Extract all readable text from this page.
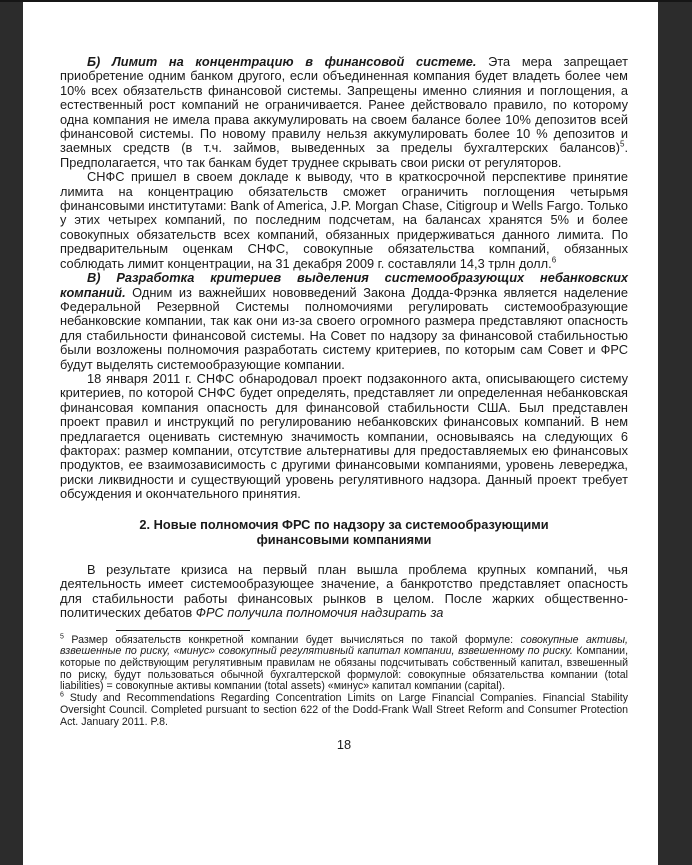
Б) Лимит на концентрацию в финансовой системе. Эта мера запрещает приобретение одним банком другого, если объединенная компания будет владеть более чем 10% всех обязательств финансовой системы. Запрещены именно слияния и поглощения, а естественный рост компаний не ограничивается. Ранее действовало правило, по которому одна компания не имела права аккумулировать на своем балансе более 10% депозитов всей финансовой системы. По новому правилу нельзя аккумулировать более 10 % депозитов и заемных средств (в т.ч. займов, выведенных за пределы бухгалтерских балансов)$^5$. Предполагается, что так банкам будет труднее скрывать свои риски от регуляторов.

СНФС пришел в своем докладе к выводу, что в краткосрочной перспективе принятие лимита на концентрацию обязательств сможет ограничить поглощения четырьмя финансовыми институтами: Bank of America, J.P. Morgan Chase, Citigroup и Wells Fargo. Только у этих четырех компаний, по последним подсчетам, на балансах хранятся 5% и более совокупных обязательств всех компаний, обязанных придерживаться данного лимита. По предварительным оценкам СНФС, совокупные обязательства компаний, обязанных соблюдать лимит концентрации, на 31 декабря 2009 г. составляли 14,3 трлн долл.$^6$

В) Разработка критериев выделения системообразующих небанковских компаний. Одним из важнейших нововведений Закона Додда-Фрэнка является наделение Федеральной Резервной Системы полномочиями регулировать системообразующие небанковские компании, так как они из-за своего огромного размера представляют опасность для стабильности финансовой системы. На Совет по надзору за финансовой стабильностью были возложены полномочия разработать систему критериев, по которым сам Совет и ФРС будут выделять системообразующие компании.

18 января 2011 г. СНФС обнародовал проект подзаконного акта, описывающего систему критериев, по которой СНФС будет определять, представляет ли определенная небанковская финансовая компания опасность для финансовой стабильности США. Был представлен проект правил и инструкций по регулированию небанковских финансовых компаний. В нем предлагается оценивать системную значимость компании, основываясь на следующих 6 факторах: размер компании, отсутствие альтернативы для предоставляемых ею финансовых продуктов, ее взаимозависимость с другими финансовыми компаниями, уровень левереджа, риски ликвидности и существующий уровень регулятивного надзора. Данный проект требует обсуждения и окончательного принятия.

2. Новые полномочия ФРС по надзору за системообразующими финансовыми компаниями

В результате кризиса на первый план вышла проблема крупных компаний, чья деятельность имеет системообразующее значение, а банкротство представляет опасность для стабильности работы финансовых рынков в целом. После жарких общественно-политических дебатов ФРС получила полномочия надзирать за

$^5$ Размер обязательств конкретной компании будет вычисляться по такой формуле: совокупные активы, взвешенные по риску, «минус» совокупный регулятивный капитал компании, взвешенному по риску. Компании, которые по действующим регулятивным правилам не обязаны подсчитывать собственный капитал, взвешенный по риску, будут пользоваться обычной бухгалтерской формулой: совокупные обязательства компании (total liabilities) = совокупные активы компании (total assets) «минус» капитал компании (capital).

$^6$ Study and Recommendations Regarding Concentration Limits on Large Financial Companies. Financial Stability Oversight Council. Completed pursuant to section 622 of the Dodd-Frank Wall Street Reform and Consumer Protection Act. January 2011. P.8.

18
